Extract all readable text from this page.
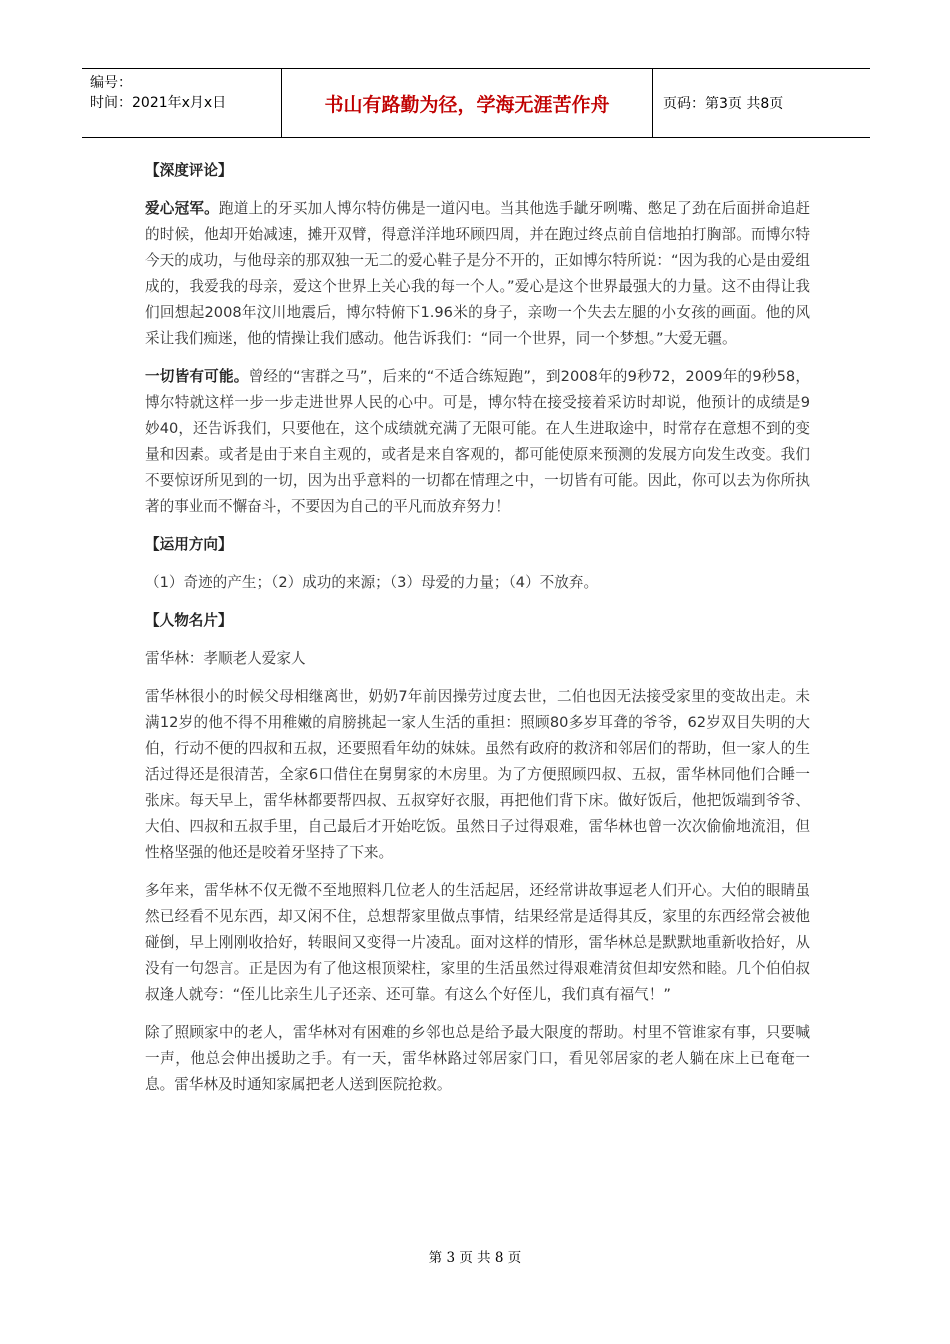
编号：
时间：2021年x月x日	书山有路勤为径，学海无涯苦作舟	页码：第3页 共8页

【深度评论】

爱心冠军。跑道上的牙买加人博尔特仿佛是一道闪电。当其他选手龇牙咧嘴、憋足了劲在后面拼命追赶的时候，他却开始减速，摊开双臂，得意洋洋地环顾四周，并在跑过终点前自信地拍打胸部。而博尔特今天的成功，与他母亲的那双独一无二的爱心鞋子是分不开的，正如博尔特所说：“因为我的心是由爱组成的，我爱我的母亲，爱这个世界上关心我的每一个人。”爱心是这个世界最强大的力量。这不由得让我们回想起2008年汶川地震后，博尔特俯下1.96米的身子，亲吻一个失去左腿的小女孩的画面。他的风采让我们痴迷，他的情操让我们感动。他告诉我们：“同一个世界，同一个梦想。”大爱无疆。

一切皆有可能。曾经的“害群之马”，后来的“不适合练短跑”，到2008年的9秒72，2009年的9秒58，博尔特就这样一步一步走进世界人民的心中。可是，博尔特在接受接着采访时却说，他预计的成绩是9妙40，还告诉我们，只要他在，这个成绩就充满了无限可能。在人生进取途中，时常存在意想不到的变量和因素。或者是由于来自主观的，或者是来自客观的，都可能使原来预测的发展方向发生改变。我们不要惊讶所见到的一切，因为出乎意料的一切都在情理之中，一切皆有可能。因此，你可以去为你所执著的事业而不懈奋斗，不要因为自己的平凡而放弃努力！

【运用方向】

（1）奇迹的产生；（2）成功的来源；（3）母爱的力量；（4）不放弃。

【人物名片】

雷华林：孝顺老人爱家人

雷华林很小的时候父母相继离世，奶奶7年前因操劳过度去世，二伯也因无法接受家里的变故出走。未满12岁的他不得不用稚嫩的肩膀挑起一家人生活的重担：照顾80多岁耳聋的爷爷，62岁双目失明的大伯，行动不便的四叔和五叔，还要照看年幼的妹妹。虽然有政府的救济和邻居们的帮助，但一家人的生活过得还是很清苦，全家6口借住在舅舅家的木房里。为了方便照顾四叔、五叔，雷华林同他们合睡一张床。每天早上，雷华林都要帮四叔、五叔穿好衣服，再把他们背下床。做好饭后，他把饭端到爷爷、大伯、四叔和五叔手里，自己最后才开始吃饭。虽然日子过得艰难，雷华林也曾一次次偷偷地流泪，但性格坚强的他还是咬着牙坚持了下来。

多年来，雷华林不仅无微不至地照料几位老人的生活起居，还经常讲故事逗老人们开心。大伯的眼睛虽然已经看不见东西，却又闲不住，总想帮家里做点事情，结果经常是适得其反，家里的东西经常会被他碰倒，早上刚刚收拾好，转眼间又变得一片凌乱。面对这样的情形，雷华林总是默默地重新收拾好，从没有一句怨言。正是因为有了他这根顶梁柱，家里的生活虽然过得艰难清贫但却安然和睦。几个伯伯叔叔逢人就夸：“侄儿比亲生儿子还亲、还可靠。有这么个好侄儿，我们真有福气！”

除了照顾家中的老人，雷华林对有困难的乡邻也总是给予最大限度的帮助。村里不管谁家有事，只要喊一声，他总会伸出援助之手。有一天，雷华林路过邻居家门口，看见邻居家的老人躺在床上已奄奄一息。雷华林及时通知家属把老人送到医院抢救。

第 3 页 共 8 页
